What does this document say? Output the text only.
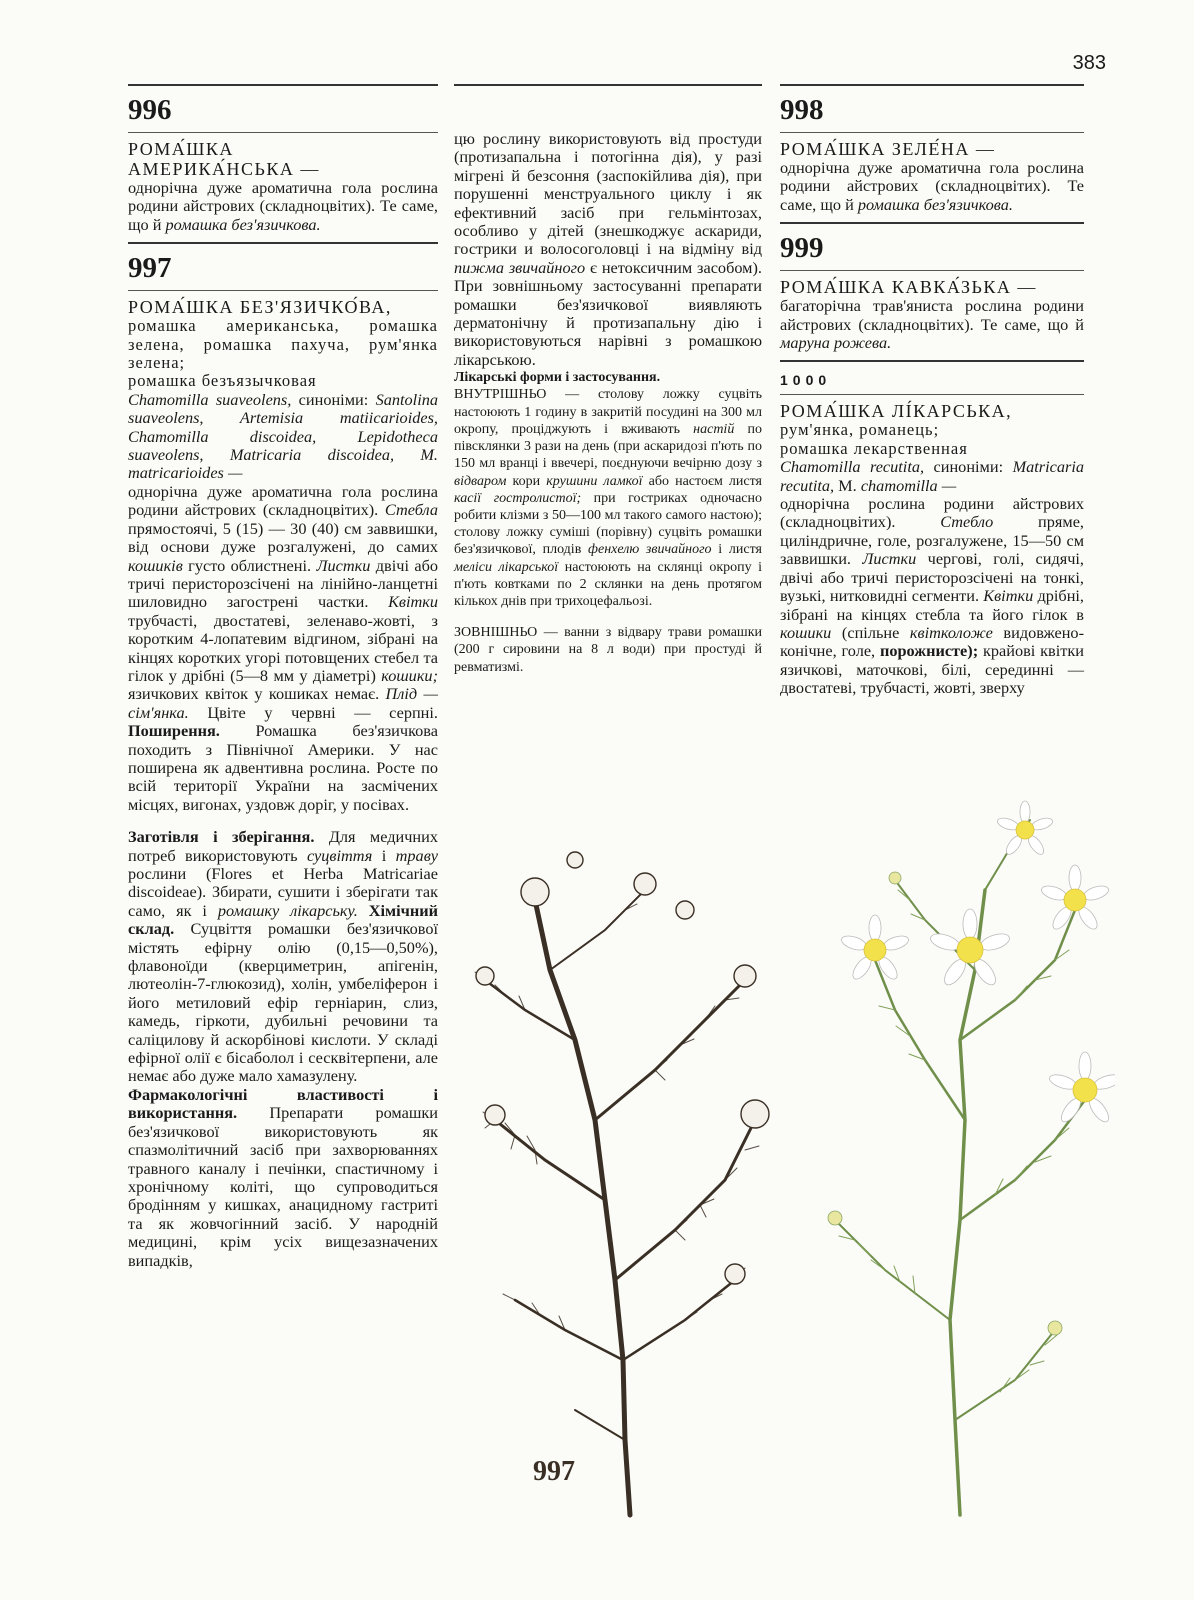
383
996
РОМА́ШКА
АМЕРИКА́НСЬКА —

однорічна дуже ароматична гола рослина родини айстрових (складноцвітих). Те саме, що й ромашка без'язичкова.

997
РОМА́ШКА БЕЗ'ЯЗИЧКО́ВА,

ромашка американська, ромашка зелена, ромашка пахуча, рум'янка зелена;

ромашка безъязычковая

Chamomilla suaveolens, синоніми: Santolina suaveolens, Artemisia matiicarioides, Chamomilla discoidea, Lepidotheca suaveolens, Matricaria discoidea, M. matricarioides —

однорічна дуже ароматична гола рослина родини айстрових (складноцвітих). Стебла прямостоячі, 5 (15) — 30 (40) см заввишки, від основи дуже розгалужені, до самих кошиків густо облистнені. Листки двічі або тричі перисторозсічені на лінійно-ланцетні шиловидно загострені частки. Квітки трубчасті, двостатеві, зеленаво-жовті, з коротким 4-лопатевим відгином, зібрані на кінцях коротких угорі потовщених стебел та гілок у дрібні (5—8 мм у діаметрі) кошики; язичкових квіток у кошиках немає. Плід — сім'янка. Цвіте у червні — серпні. Поширення. Ромашка без'язичкова походить з Північної Америки. У нас поширена як адвентивна рослина. Росте по всій території України на засмічених місцях, вигонах, уздовж доріг, у посівах.

Заготівля і зберігання. Для медичних потреб використовують суцвіття і траву рослини (Flores et Herba Matricariae discoideae). Збирати, сушити і зберігати так само, як і ромашку лікарську. Хімічний склад. Суцвіття ромашки без'язичкової містять ефірну олію (0,15—0,50%), флавоноїди (кверциметрин, апігенін, лютеолін-7-глюкозид), холін, умбеліферон і його метиловий ефір герніарин, слиз, камедь, гіркоти, дубильні речовини та саліцилову й аскорбінові кислоти. У складі ефірної олії є бісаболол і сесквітерпени, але немає або дуже мало хамазулену.

Фармакологічні властивості і використання. Препарати ромашки без'язичкової використовують як спазмолітичний засіб при захворюваннях травного каналу і печінки, спастичному і хронічному коліті, що супроводиться бродінням у кишках, анацидному гастриті та як жовчогінний засіб. У народній медицині, крім усіх вищезазначених випадків,

цю рослину використовують від простуди (протизапальна і потогінна дія), у разі мігрені й безсоння (заспокійлива дія), при порушенні менструального циклу і як ефективний засіб при гельмінтозах, особливо у дітей (знешкоджує аскариди, гострики и волосоголовці і на відміну від пижма звичайного є нетоксичним засобом). При зовнішньому застосуванні препарати ромашки без'язичкової виявляють дерматонічну й протизапальну дію і використовуються нарівні з ромашкою лікарською.

Лікарські форми і застосування.

ВНУТРІШНЬО — столову ложку суцвіть настоюють 1 годину в закритій посудині на 300 мл окропу, проціджують і вживають настій по півсклянки 3 рази на день (при аскаридозі п'ють по 150 мл вранці і ввечері, поєднуючи вечірню дозу з відваром кори крушини ламкої або настоєм листя касії гостролистої; при гостриках одночасно робити клізми з 50—100 мл такого самого настою); столову ложку суміші (порівну) суцвіть ромашки без'язичкової, плодів фенхелю звичайного і листя меліси лікарської настоюють на склянці окропу і п'ють ковтками по 2 склянки на день протягом кількох днів при трихоцефальозі.

ЗОВНІШНЬО — ванни з відвару трави ромашки (200 г сировини на 8 л води) при простуді й ревматизмі.

998
РОМА́ШКА ЗЕЛЕ́НА —

однорічна дуже ароматична гола рослина родини айстрових (складноцвітих). Те саме, що й ромашка без'язичкова.

999
РОМА́ШКА КАВКА́ЗЬКА —

багаторічна трав'яниста рослина родини айстрових (складноцвітих). Те саме, що й маруна рожева.

1000
РОМА́ШКА ЛІ́КАРСЬКА,

рум'янка, романець;

ромашка лекарственная

Chamomilla recutita, синоніми: Matricaria recutita, M. chamomilla —

однорічна рослина родини айстрових (складноцвітих). Стебло пряме, циліндричне, голе, розгалужене, 15—50 см заввишки. Листки чергові, голі, сидячі, двічі або тричі перисторозсічені на тонкі, вузькі, нитковидні сегменти. Квітки дрібні, зібрані на кінцях стебла та його гілок в кошики (спільне квітколоже видовжено-конічне, голе, порожнисте); крайові квітки язичкові, маточкові, білі, серединні — двостатеві, трубчасті, жовті, зверху

997
